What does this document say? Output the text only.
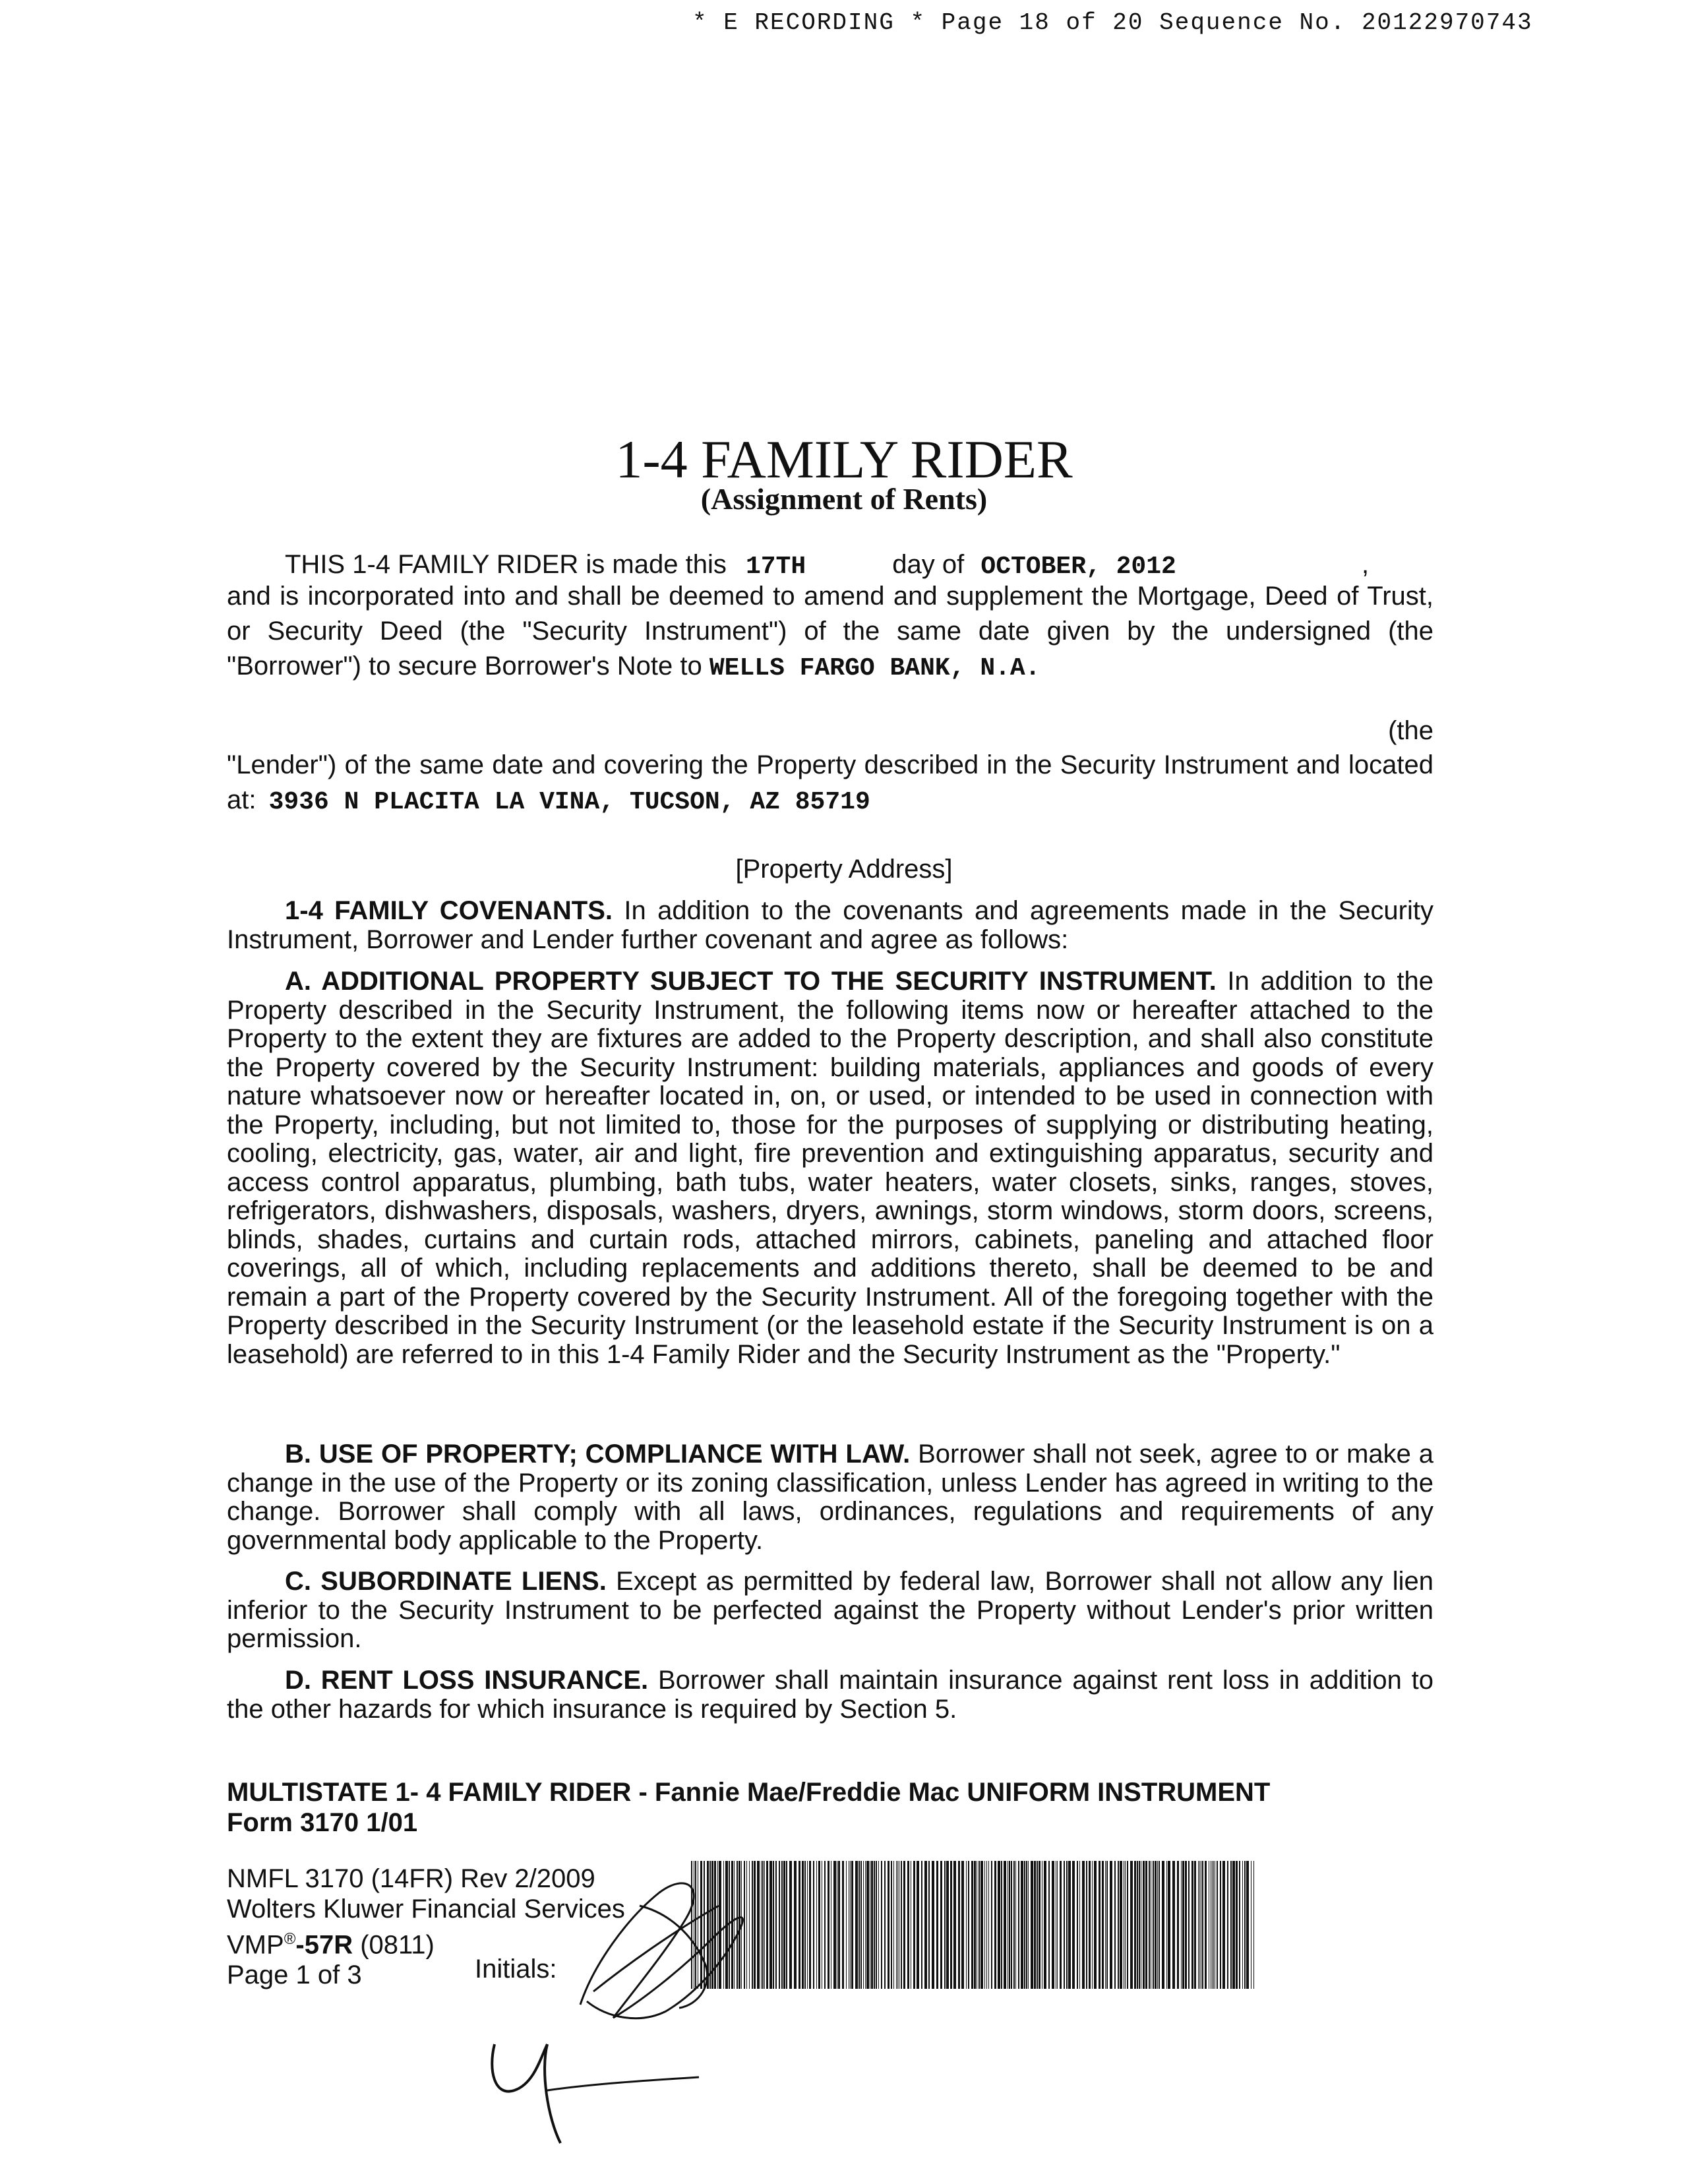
* E RECORDING * Page 18 of 20 Sequence No. 20122970743
1-4 FAMILY RIDER
(Assignment of Rents)
THIS 1-4 FAMILY RIDER is made this 17TH	day of OCTOBER, 2012	,
and is incorporated into and shall be deemed to amend and supplement the Mortgage, Deed of Trust, or Security Deed (the "Security Instrument") of the same date given by the undersigned (the "Borrower") to secure Borrower's Note to WELLS FARGO BANK, N.A.
(the
"Lender") of the same date and covering the Property described in the Security Instrument and located at: 3936 N PLACITA LA VINA, TUCSON, AZ 85719
[Property Address]
1-4 FAMILY COVENANTS. In addition to the covenants and agreements made in the Security Instrument, Borrower and Lender further covenant and agree as follows:
A. ADDITIONAL PROPERTY SUBJECT TO THE SECURITY INSTRUMENT. In addition to the Property described in the Security Instrument, the following items now or hereafter attached to the Property to the extent they are fixtures are added to the Property description, and shall also constitute the Property covered by the Security Instrument: building materials, appliances and goods of every nature whatsoever now or hereafter located in, on, or used, or intended to be used in connection with the Property, including, but not limited to, those for the purposes of supplying or distributing heating, cooling, electricity, gas, water, air and light, fire prevention and extinguishing apparatus, security and access control apparatus, plumbing, bath tubs, water heaters, water closets, sinks, ranges, stoves, refrigerators, dishwashers, disposals, washers, dryers, awnings, storm windows, storm doors, screens, blinds, shades, curtains and curtain rods, attached mirrors, cabinets, paneling and attached floor coverings, all of which, including replacements and additions thereto, shall be deemed to be and remain a part of the Property covered by the Security Instrument. All of the foregoing together with the Property described in the Security Instrument (or the leasehold estate if the Security Instrument is on a leasehold) are referred to in this 1-4 Family Rider and the Security Instrument as the "Property."
B. USE OF PROPERTY; COMPLIANCE WITH LAW. Borrower shall not seek, agree to or make a change in the use of the Property or its zoning classification, unless Lender has agreed in writing to the change. Borrower shall comply with all laws, ordinances, regulations and requirements of any governmental body applicable to the Property.
C. SUBORDINATE LIENS. Except as permitted by federal law, Borrower shall not allow any lien inferior to the Security Instrument to be perfected against the Property without Lender's prior written permission.
D. RENT LOSS INSURANCE. Borrower shall maintain insurance against rent loss in addition to the other hazards for which insurance is required by Section 5.
MULTISTATE 1- 4 FAMILY RIDER - Fannie Mae/Freddie Mac UNIFORM INSTRUMENT
Form 3170 1/01
NMFL 3170 (14FR) Rev 2/2009
Wolters Kluwer Financial Services
VMP®-57R (0811)
Page 1 of 3	Initials:
